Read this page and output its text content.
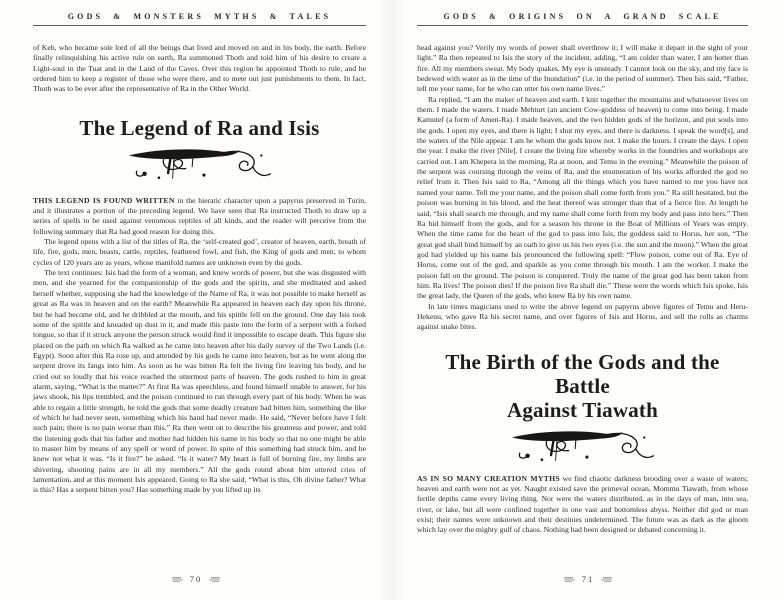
GODS & MONSTERS MYTHS & TALES

of Keb, who became sole lord of all the beings that lived and moved on and in his body, the earth. Before finally relinquishing his active rule on earth, Ra summoned Thoth and told him of his desire to create a Light-soul in the Tuat and in the Land of the Caves. Over this region he appointed Thoth to rule, and he ordered him to keep a register of those who were there, and to mete out just punishments to them. In fact, Thoth was to be ever after the representative of Ra in the Other World.

The Legend of Ra and Isis

THIS LEGEND IS FOUND WRITTEN in the hieratic character upon a papyrus preserved in Turin, and it illustrates a portion of the preceding legend. We have seen that Ra instructed Thoth to draw up a series of spells to be used against venomous reptiles of all kinds, and the reader will perceive from the following summary that Ra had good reason for doing this.

The legend opens with a list of the titles of Ra, the ‘self-created god’, creator of heaven, earth, breath of life, fire, gods, men, beasts, cattle, reptiles, feathered fowl, and fish, the King of gods and men, to whom cycles of 120 years are as years, whose manifold names are unknown even by the gods.

The text continues: Isis had the form of a woman, and knew words of power, but she was disgusted with men, and she yearned for the companionship of the gods and the spirits, and she meditated and asked herself whether, supposing she had the knowledge of the Name of Ra, it was not possible to make herself as great as Ra was in heaven and on the earth? Meanwhile Ra appeared in heaven each day upon his throne, but he had become old, and he dribbled at the mouth, and his spittle fell on the ground. One day Isis took some of the spittle and kneaded up dust in it, and made this paste into the form of a serpent with a forked tongue, so that if it struck anyone the person struck would find it impossible to escape death. This figure she placed on the path on which Ra walked as he came into heaven after his daily survey of the Two Lands (i.e. Egypt). Soon after this Ra rose up, and attended by his gods he came into heaven, but as he went along the serpent drove its fangs into him. As soon as he was bitten Ra felt the living fire leaving his body, and he cried out so loudly that his voice reached the uttermost parts of heaven. The gods rushed to him in great alarm, saying, “What is the matter?” At first Ra was speechless, and found himself unable to answer, for his jaws shook, his lips trembled, and the poison continued to run through every part of his body. When he was able to regain a little strength, he told the gods that some deadly creature had bitten him, something the like of which he had never seen, something which his hand had never made. He said, “Never before have I felt such pain; there is no pain worse than this.” Ra then went on to describe his greatness and power, and told the listening gods that his father and mother had hidden his name in his body so that no one might be able to master him by means of any spell or word of power. In spite of this something had struck him, and he knew not what it was. “Is it fire?” he asked. “Is it water? My heart is full of burning fire, my limbs are shivering, shooting pains are in all my members.” All the gods round about him uttered cries of lamentation, and at this moment Isis appeared. Going to Ra she said, “What is this, Oh divine father? What is this? Has a serpent bitten you? Has something made by you lifted up its

70
GODS & ORIGINS ON A GRAND SCALE

head against you? Verily my words of power shall overthrow it; I will make it depart in the sight of your light.” Ra then repeated to Isis the story of the incident, adding, “I am colder than water, I am hotter than fire. All my members sweat. My body quakes. My eye is unsteady. I cannot look on the sky, and my face is bedewed with water as in the time of the Inundation” (i.e. in the period of summer). Then Isis said, “Father, tell me your name, for he who can utter his own name lives.”

Ra replied, “I am the maker of heaven and earth. I knit together the mountains and whatsoever lives on them. I made the waters. I made Mehturt (an ancient Cow-goddess of heaven) to come into being. I made Kamutef (a form of Amen-Ra). I made heaven, and the two hidden gods of the horizon, and put souls into the gods. I open my eyes, and there is light; I shut my eyes, and there is darkness. I speak the word[s], and the waters of the Nile appear. I am he whom the gods know not. I make the hours. I create the days. I open the year. I make the river [Nile]. I create the living fire whereby works in the foundries and workshops are carried out. I am Khepera in the morning, Ra at noon, and Temu in the evening.” Meanwhile the poison of the serpent was coursing through the veins of Ra, and the enumeration of his works afforded the god no relief from it. Then Isis said to Ra, “Among all the things which you have named to me you have not named your name. Tell me your name, and the poison shall come forth from you.” Ra still hesitated, but the poison was burning in his blood, and the heat thereof was stronger than that of a fierce fire. At length he said, “Isis shall search me through, and my name shall come forth from my body and pass into hers.” Then Ra hid himself from the gods, and for a season his throne in the Boat of Millions of Years was empty. When the time came for the heart of the god to pass into Isis, the goddess said to Horus, her son, “The great god shall bind himself by an oath to give us his two eyes (i.e. the sun and the moon).” When the great god had yielded up his name Isis pronounced the following spell: “Flow poison, come out of Ra. Eye of Horus, come out of the god, and sparkle as you come through his mouth. I am the worker. I make the poison fall on the ground. The poison is conquered. Truly the name of the great god has been taken from him. Ra lives! The poison dies! If the poison live Ra shall die.” These were the words which Isis spoke, Isis the great lady, the Queen of the gods, who knew Ra by his own name.

In late times magicians used to write the above legend on papyrus above figures of Temu and Heru-Hekenu, who gave Ra his secret name, and over figures of Isis and Horus, and sell the rolls as charms against snake bites.

The Birth of the Gods and the Battle
Against Tiawath

AS IN SO MANY CREATION MYTHS we find chaotic darkness brooding over a waste of waters; heaven and earth were not as yet. Naught existed save the primeval ocean, Mommu Tiawath, from whose fertile depths came every living thing. Nor were the waters distributed, as in the days of man, into sea, river, or lake, but all were confined together in one vast and bottomless abyss. Neither did god or man exist; their names were unknown and their destinies undetermined. The future was as dark as the gloom which lay over the mighty gulf of chaos. Nothing had been designed or debated concerning it.

71
